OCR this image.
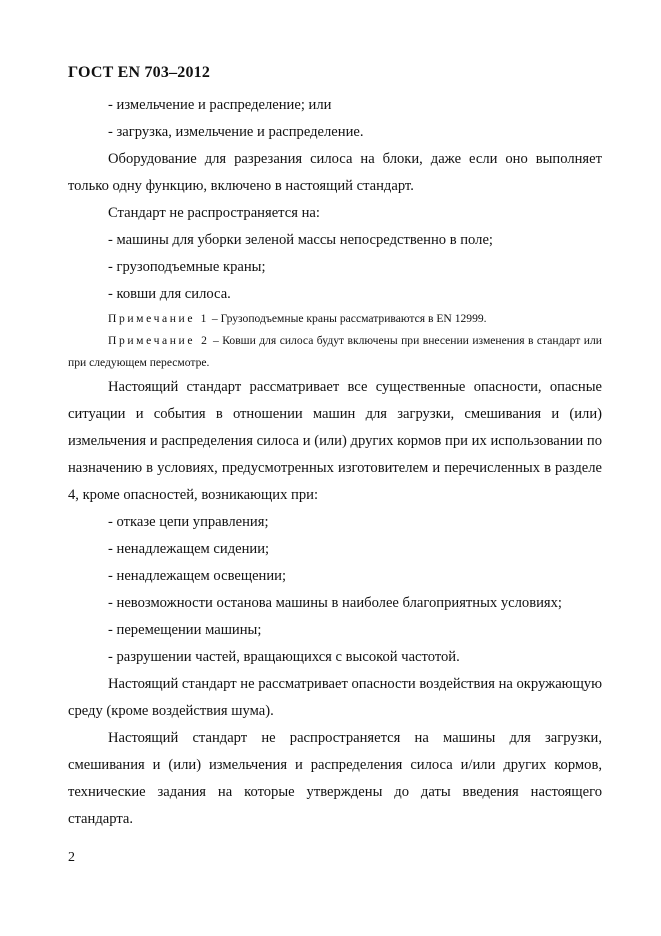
ГОСТ EN 703–2012

- измельчение и распределение; или

- загрузка, измельчение и распределение.

Оборудование для разрезания силоса на блоки, даже если оно выполняет только одну функцию, включено в настоящий стандарт.

Стандарт не распространяется на:

- машины для уборки зеленой массы непосредственно в поле;

- грузоподъемные краны;

- ковши для силоса.

Примечание 1 – Грузоподъемные краны рассматриваются в EN 12999.

Примечание 2 – Ковши для силоса будут включены при внесении изменения в стандарт или при следующем пересмотре.

Настоящий стандарт рассматривает все существенные опасности, опасные ситуации и события в отношении машин для загрузки, смешивания и (или) измельчения и распределения силоса и (или) других кормов при их использовании по назначению в условиях, предусмотренных изготовителем и перечисленных в разделе 4, кроме опасностей, возникающих при:

- отказе цепи управления;

- ненадлежащем сидении;

- ненадлежащем освещении;

- невозможности останова машины в наиболее благоприятных условиях;

- перемещении машины;

- разрушении частей, вращающихся с высокой частотой.

Настоящий стандарт не рассматривает опасности воздействия на окружающую среду (кроме воздействия шума).

Настоящий стандарт не распространяется на машины для загрузки, смешивания и (или) измельчения и распределения силоса и/или других кормов, технические задания на которые утверждены до даты введения настоящего стандарта.

2
